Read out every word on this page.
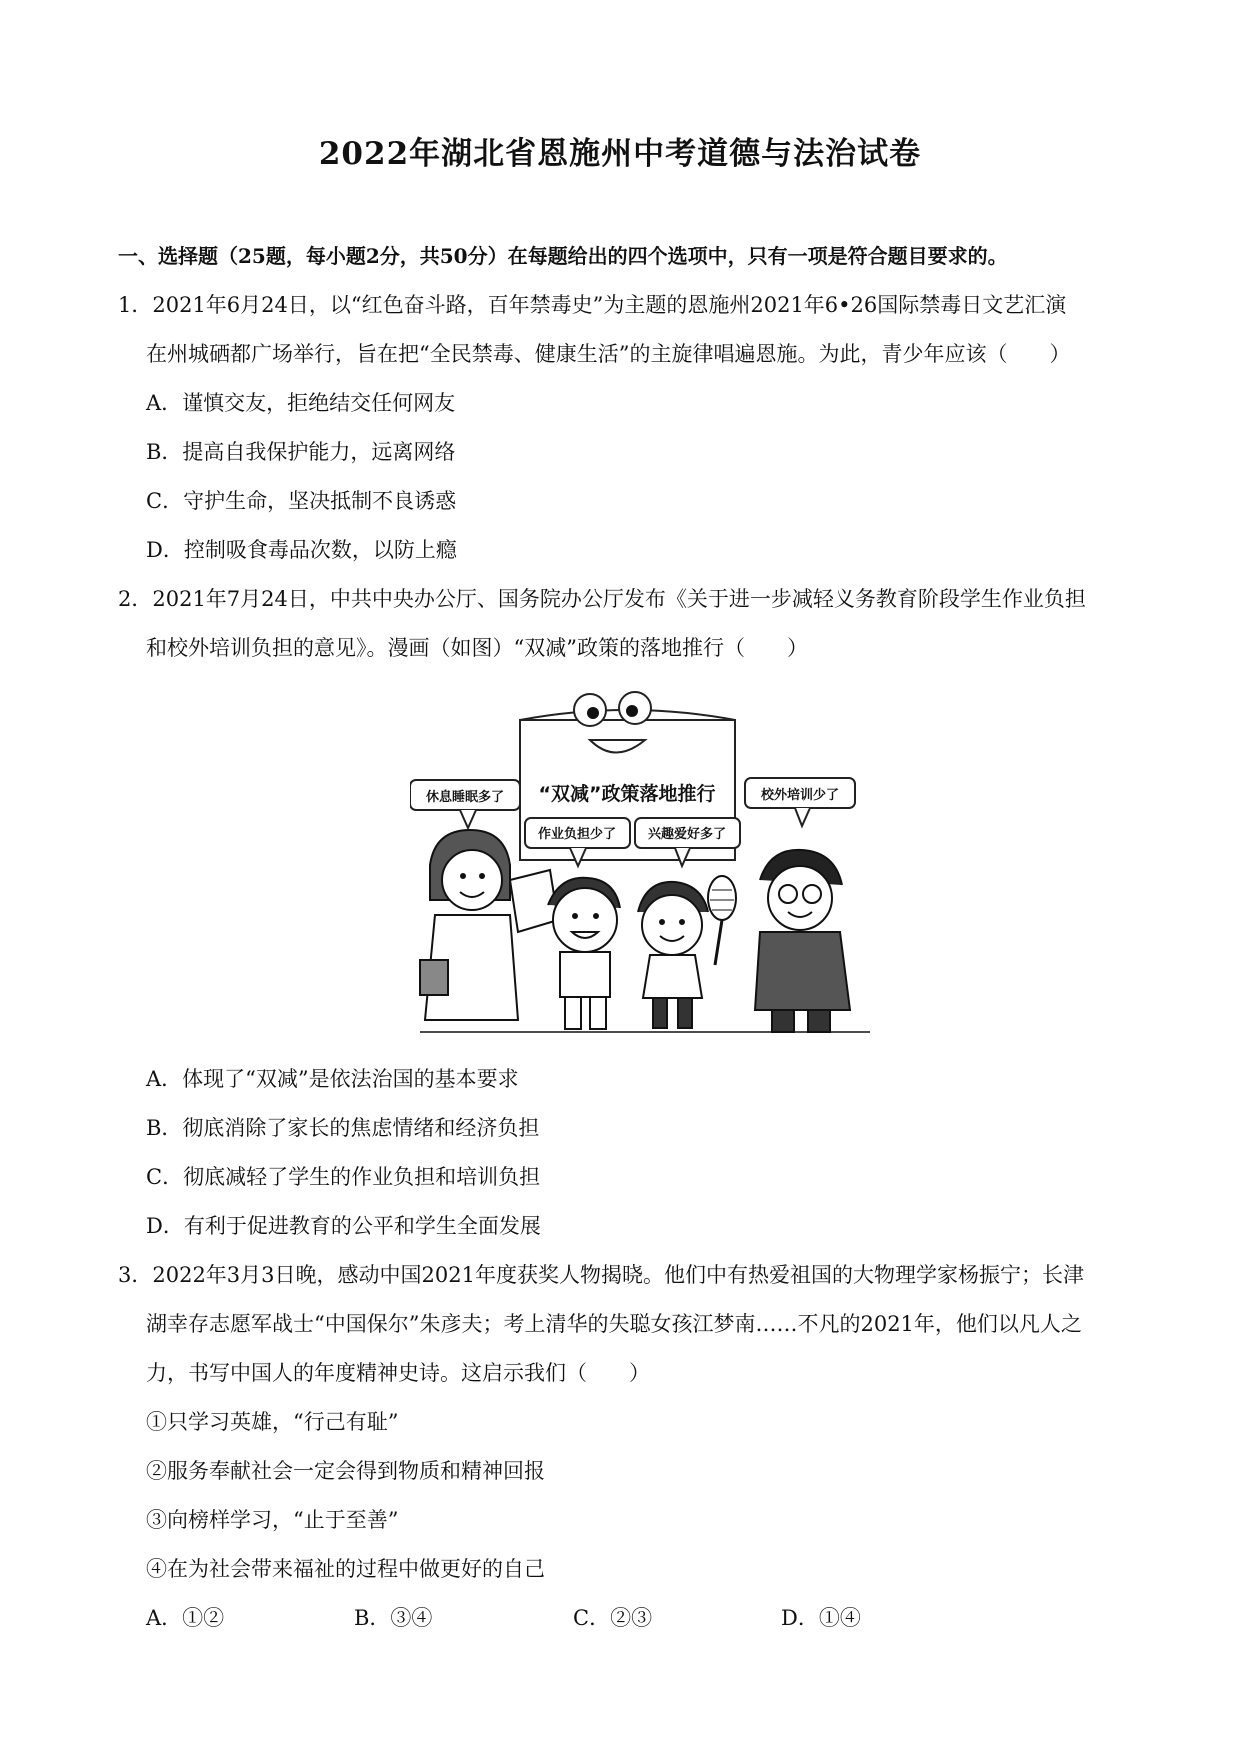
2022年湖北省恩施州中考道德与法治试卷
一、选择题（25题，每小题2分，共50分）在每题给出的四个选项中，只有一项是符合题目要求的。
1．2021年6月24日，以“红色奋斗路，百年禁毒史”为主题的恩施州2021年6•26国际禁毒日文艺汇演
在州城硒都广场举行，旨在把“全民禁毒、健康生活”的主旋律唱遍恩施。为此，青少年应该（　　）
A．谨慎交友，拒绝结交任何网友
B．提高自我保护能力，远离网络
C．守护生命，坚决抵制不良诱惑
D．控制吸食毒品次数，以防上瘾
2．2021年7月24日，中共中央办公厅、国务院办公厅发布《关于进一步减轻义务教育阶段学生作业负担
和校外培训负担的意见》。漫画（如图）“双减”政策的落地推行（　　）
“双减”政策落地推行
休息睡眠多了
作业负担少了 兴趣爱好多了
校外培训少了
A．体现了“双减”是依法治国的基本要求
B．彻底消除了家长的焦虑情绪和经济负担
C．彻底减轻了学生的作业负担和培训负担
D．有利于促进教育的公平和学生全面发展
3．2022年3月3日晚，感动中国2021年度获奖人物揭晓。他们中有热爱祖国的大物理学家杨振宁；长津
湖幸存志愿军战士“中国保尔”朱彦夫；考上清华的失聪女孩江梦南……不凡的2021年，他们以凡人之
力，书写中国人的年度精神史诗。这启示我们（　　）
①只学习英雄，“行己有耻”
②服务奉献社会一定会得到物质和精神回报
③向榜样学习，“止于至善”
④在为社会带来福祉的过程中做更好的自己
A．①②	B．③④	C．②③	D．①④
